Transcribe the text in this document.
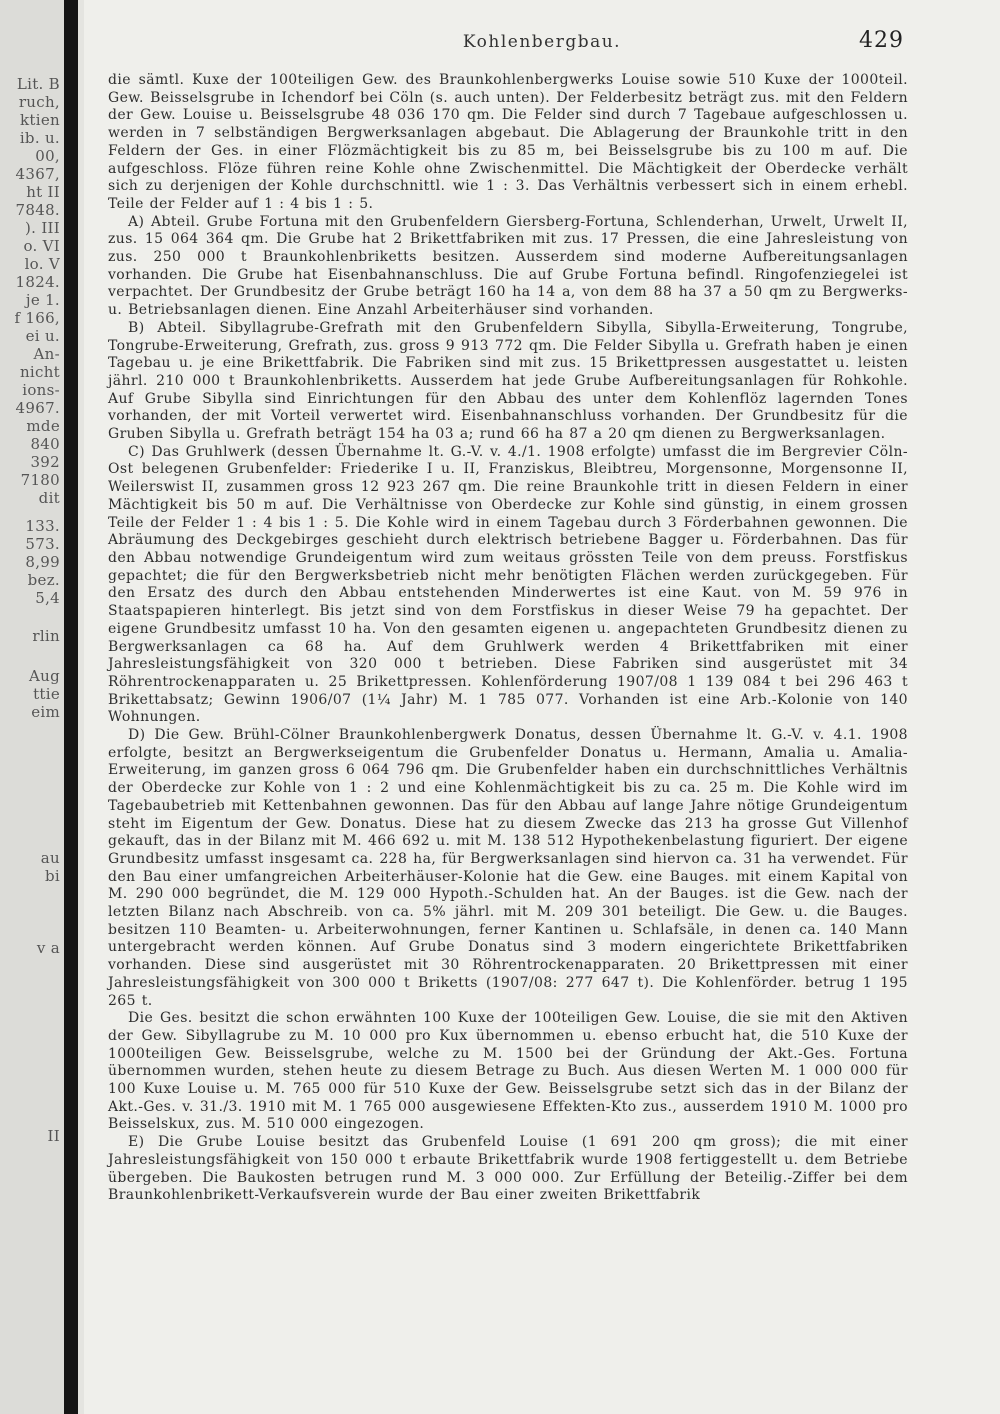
Lit. B
ruch,
ktien
ib. u.
00,
4367,
ht II
7848.
). III
o. VI
lo. V
1824.
je 1.
f 166,
ei u.
An-
nicht
ions-
4967.
mde
840
392
7180
dit
133.
573.
8,99
bez.
5,4
rlin
Aug
ttie
eim
au
bi
v a
II
Kohlenbergbau.	429

die sämtl. Kuxe der 100teiligen Gew. des Braunkohlenbergwerks Louise sowie 510 Kuxe der 1000teil. Gew. Beisselsgrube in Ichendorf bei Cöln (s. auch unten). Der Felderbesitz beträgt zus. mit den Feldern der Gew. Louise u. Beisselsgrube 48 036 170 qm. Die Felder sind durch 7 Tagebaue aufgeschlossen u. werden in 7 selbständigen Bergwerksanlagen abgebaut. Die Ablagerung der Braunkohle tritt in den Feldern der Ges. in einer Flözmächtigkeit bis zu 85 m, bei Beisselsgrube bis zu 100 m auf. Die aufgeschloss. Flöze führen reine Kohle ohne Zwischenmittel. Die Mächtigkeit der Oberdecke verhält sich zu derjenigen der Kohle durchschnittl. wie 1 : 3. Das Verhältnis verbessert sich in einem erhebl. Teile der Felder auf 1 : 4 bis 1 : 5.

A) Abteil. Grube Fortuna mit den Grubenfeldern Giersberg-Fortuna, Schlenderhan, Urwelt, Urwelt II, zus. 15 064 364 qm. Die Grube hat 2 Brikettfabriken mit zus. 17 Pressen, die eine Jahresleistung von zus. 250 000 t Braunkohlenbriketts besitzen. Ausserdem sind moderne Aufbereitungsanlagen vorhanden. Die Grube hat Eisenbahnanschluss. Die auf Grube Fortuna befindl. Ringofenziegelei ist verpachtet. Der Grundbesitz der Grube beträgt 160 ha 14 a, von dem 88 ha 37 a 50 qm zu Bergwerks- u. Betriebsanlagen dienen. Eine Anzahl Arbeiterhäuser sind vorhanden.

B) Abteil. Sibyllagrube-Grefrath mit den Grubenfeldern Sibylla, Sibylla-Erweiterung, Tongrube, Tongrube-Erweiterung, Grefrath, zus. gross 9 913 772 qm. Die Felder Sibylla u. Grefrath haben je einen Tagebau u. je eine Brikettfabrik. Die Fabriken sind mit zus. 15 Brikettpressen ausgestattet u. leisten jährl. 210 000 t Braunkohlenbriketts. Ausserdem hat jede Grube Aufbereitungsanlagen für Rohkohle. Auf Grube Sibylla sind Einrichtungen für den Abbau des unter dem Kohlenflöz lagernden Tones vorhanden, der mit Vorteil verwertet wird. Eisenbahnanschluss vorhanden. Der Grundbesitz für die Gruben Sibylla u. Grefrath beträgt 154 ha 03 a; rund 66 ha 87 a 20 qm dienen zu Bergwerksanlagen.

C) Das Gruhlwerk (dessen Übernahme lt. G.-V. v. 4./1. 1908 erfolgte) umfasst die im Bergrevier Cöln-Ost belegenen Grubenfelder: Friederike I u. II, Franziskus, Bleibtreu, Morgensonne, Morgensonne II, Weilerswist II, zusammen gross 12 923 267 qm. Die reine Braunkohle tritt in diesen Feldern in einer Mächtigkeit bis 50 m auf. Die Verhältnisse von Oberdecke zur Kohle sind günstig, in einem grossen Teile der Felder 1 : 4 bis 1 : 5. Die Kohle wird in einem Tagebau durch 3 Förderbahnen gewonnen. Die Abräumung des Deckgebirges geschieht durch elektrisch betriebene Bagger u. Förderbahnen. Das für den Abbau notwendige Grundeigentum wird zum weitaus grössten Teile von dem preuss. Forstfiskus gepachtet; die für den Bergwerksbetrieb nicht mehr benötigten Flächen werden zurückgegeben. Für den Ersatz des durch den Abbau entstehenden Minderwertes ist eine Kaut. von M. 59 976 in Staatspapieren hinterlegt. Bis jetzt sind von dem Forstfiskus in dieser Weise 79 ha gepachtet. Der eigene Grundbesitz umfasst 10 ha. Von den gesamten eigenen u. angepachteten Grundbesitz dienen zu Bergwerksanlagen ca 68 ha. Auf dem Gruhlwerk werden 4 Brikettfabriken mit einer Jahresleistungsfähigkeit von 320 000 t betrieben. Diese Fabriken sind ausgerüstet mit 34 Röhrentrockenapparaten u. 25 Brikettpressen. Kohlenförderung 1907/08 1 139 084 t bei 296 463 t Brikettabsatz; Gewinn 1906/07 (1¼ Jahr) M. 1 785 077. Vorhanden ist eine Arb.-Kolonie von 140 Wohnungen.

D) Die Gew. Brühl-Cölner Braunkohlenbergwerk Donatus, dessen Übernahme lt. G.-V. v. 4.1. 1908 erfolgte, besitzt an Bergwerkseigentum die Grubenfelder Donatus u. Hermann, Amalia u. Amalia-Erweiterung, im ganzen gross 6 064 796 qm. Die Grubenfelder haben ein durchschnittliches Verhältnis der Oberdecke zur Kohle von 1 : 2 und eine Kohlenmächtigkeit bis zu ca. 25 m. Die Kohle wird im Tagebaubetrieb mit Kettenbahnen gewonnen. Das für den Abbau auf lange Jahre nötige Grundeigentum steht im Eigentum der Gew. Donatus. Diese hat zu diesem Zwecke das 213 ha grosse Gut Villenhof gekauft, das in der Bilanz mit M. 466 692 u. mit M. 138 512 Hypothekenbelastung figuriert. Der eigene Grundbesitz umfasst insgesamt ca. 228 ha, für Bergwerksanlagen sind hiervon ca. 31 ha verwendet. Für den Bau einer umfangreichen Arbeiterhäuser-Kolonie hat die Gew. eine Bauges. mit einem Kapital von M. 290 000 begründet, die M. 129 000 Hypoth.-Schulden hat. An der Bauges. ist die Gew. nach der letzten Bilanz nach Abschreib. von ca. 5% jährl. mit M. 209 301 beteiligt. Die Gew. u. die Bauges. besitzen 110 Beamten- u. Arbeiterwohnungen, ferner Kantinen u. Schlafsäle, in denen ca. 140 Mann untergebracht werden können. Auf Grube Donatus sind 3 modern eingerichtete Brikettfabriken vorhanden. Diese sind ausgerüstet mit 30 Röhrentrockenapparaten. 20 Brikettpressen mit einer Jahresleistungsfähigkeit von 300 000 t Briketts (1907/08: 277 647 t). Die Kohlenförder. betrug 1 195 265 t.

Die Ges. besitzt die schon erwähnten 100 Kuxe der 100teiligen Gew. Louise, die sie mit den Aktiven der Gew. Sibyllagrube zu M. 10 000 pro Kux übernommen u. ebenso erbucht hat, die 510 Kuxe der 1000teiligen Gew. Beisselsgrube, welche zu M. 1500 bei der Gründung der Akt.-Ges. Fortuna übernommen wurden, stehen heute zu diesem Betrage zu Buch. Aus diesen Werten M. 1 000 000 für 100 Kuxe Louise u. M. 765 000 für 510 Kuxe der Gew. Beisselsgrube setzt sich das in der Bilanz der Akt.-Ges. v. 31./3. 1910 mit M. 1 765 000 ausgewiesene Effekten-Kto zus., ausserdem 1910 M. 1000 pro Beisselskux, zus. M. 510 000 eingezogen.

E) Die Grube Louise besitzt das Grubenfeld Louise (1 691 200 qm gross); die mit einer Jahresleistungsfähigkeit von 150 000 t erbaute Brikettfabrik wurde 1908 fertiggestellt u. dem Betriebe übergeben. Die Baukosten betrugen rund M. 3 000 000. Zur Erfüllung der Beteilig.-Ziffer bei dem Braunkohlenbrikett-Verkaufsverein wurde der Bau einer zweiten Brikettfabrik
